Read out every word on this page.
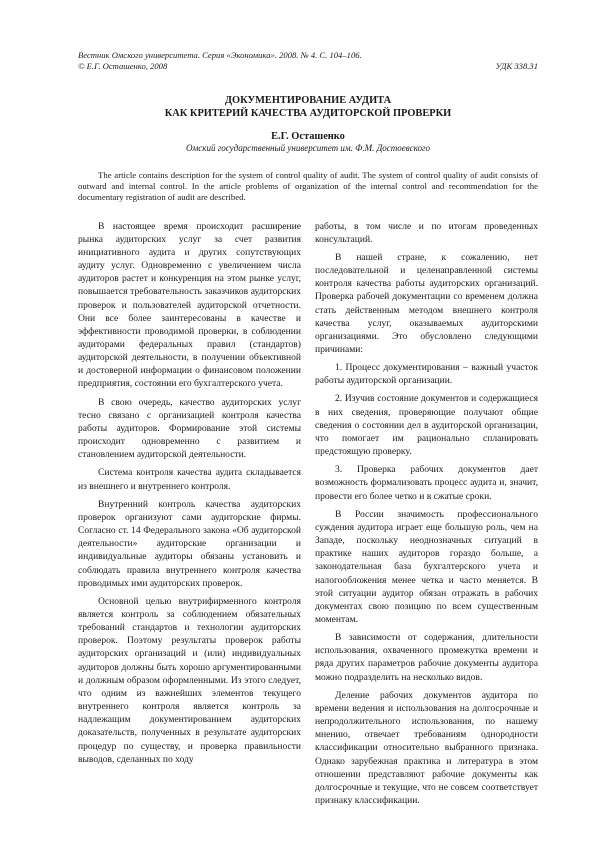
Вестник Омского университета. Серия «Экономика». 2008. № 4. С. 104–106.
© Е.Г. Осташенко, 2008	УДК 338.31
ДОКУМЕНТИРОВАНИЕ АУДИТА
КАК КРИТЕРИЙ КАЧЕСТВА АУДИТОРСКОЙ ПРОВЕРКИ
Е.Г. Осташенко
Омский государственный университет им. Ф.М. Достоевского
The article contains description for the system of control quality of audit. The system of control quality of audit consists of outward and internal control. In the article problems of organization of the internal control and recommendation for the documentary registration of audit are described.

В настоящее время происходит расширение рынка аудиторских услуг за счет развития инициативного аудита и других сопутствующих аудиту услуг. Одновременно с увеличением числа аудиторов растет и конкуренция на этом рынке услуг, повышается требовательность заказчиков аудиторских проверок и пользователей аудиторской отчетности. Они все более заинтересованы в качестве и эффективности проводимой проверки, в соблюдении аудиторами федеральных правил (стандартов) аудиторской деятельности, в получении объективной и достоверной информации о финансовом положении предприятия, состоянии его бухгалтерского учета.

В свою очередь, качество аудиторских услуг тесно связано с организацией контроля качества работы аудиторов. Формирование этой системы происходит одновременно с развитием и становлением аудиторской деятельности.

Система контроля качества аудита складывается из внешнего и внутреннего контроля.

Внутренний контроль качества аудиторских проверок организуют сами аудиторские фирмы. Согласно ст. 14 Федерального закона «Об аудиторской деятельности» аудиторские организации и индивидуальные аудиторы обязаны установить и соблюдать правила внутреннего контроля качества проводимых ими аудиторских проверок.

Основной целью внутрифирменного контроля является контроль за соблюдением обязательных требований стандартов и технологии аудиторских проверок. Поэтому результаты проверок работы аудиторских организаций и (или) индивидуальных аудиторов должны быть хорошо аргументированными и должным образом оформленными. Из этого следует, что одним из важнейших элементов текущего внутреннего контроля является контроль за надлежащим документированием аудиторских доказательств, полученных в результате аудиторских процедур по существу, и проверка правильности выводов, сделанных по ходу

работы, в том числе и по итогам проведенных консультаций.

В нашей стране, к сожалению, нет последовательной и целенаправленной системы контроля качества работы аудиторских организаций. Проверка рабочей документации со временем должна стать действенным методом внешнего контроля качества услуг, оказываемых аудиторскими организациями. Это обусловлено следующими причинами:

1. Процесс документирования – важный участок работы аудиторской организации.

2. Изучив состояние документов и содержащиеся в них сведения, проверяющие получают общие сведения о состоянии дел в аудиторской организации, что помогает им рационально спланировать предстоящую проверку.

3. Проверка рабочих документов дает возможность формализовать процесс аудита и, значит, провести его более четко и в сжатые сроки.

В России значимость профессионального суждения аудитора играет еще большую роль, чем на Западе, поскольку неоднозначных ситуаций в практике наших аудиторов гораздо больше, а законодательная база бухгалтерского учета и налогообложения менее четка и часто меняется. В этой ситуации аудитор обязан отражать в рабочих документах свою позицию по всем существенным моментам.

В зависимости от содержания, длительности использования, охваченного промежутка времени и ряда других параметров рабочие документы аудитора можно подразделить на несколько видов.

Деление рабочих документов аудитора по времени ведения и использования на долгосрочные и непродолжительного использования, по нашему мнению, отвечает требованиям однородности классификации относительно выбранного признака. Однако зарубежная практика и литература в этом отношении представляют рабочие документы как долгосрочные и текущие, что не совсем соответствует признаку классификации.
